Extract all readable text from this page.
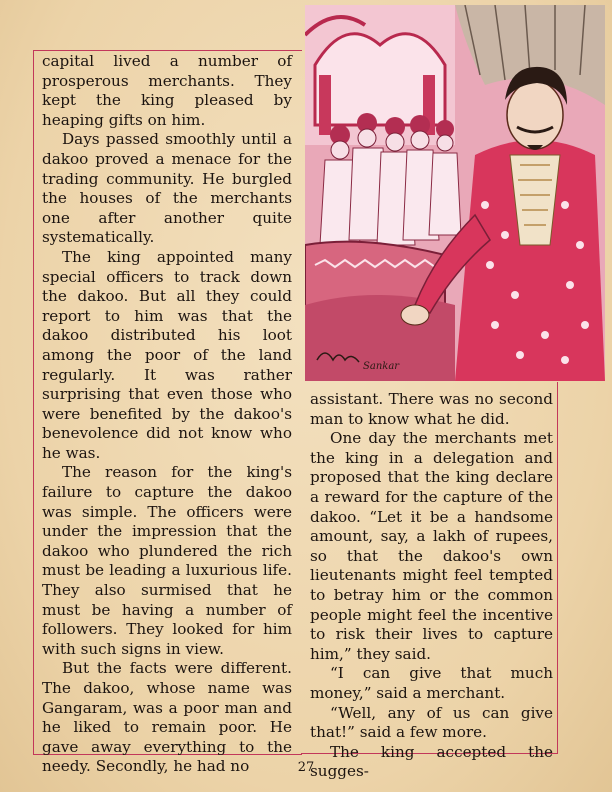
capital lived a number of prosperous merchants. They kept the king pleased by heaping gifts on him.

Days passed smoothly until a dakoo proved a menace for the trading community. He burgled the houses of the merchants one after another quite systematically.

The king appointed many special officers to track down the dakoo. But all they could report to him was that the dakoo distributed his loot among the poor of the land regularly. It was rather surprising that even those who were benefited by the dakoo's benevolence did not know who he was.

The reason for the king's failure to capture the dakoo was simple. The officers were under the impression that the dakoo who plundered the rich must be leading a luxurious life. They also surmised that he must be having a number of followers. They looked for him with such signs in view.

But the facts were different. The dakoo, whose name was Gangaram, was a poor man and he liked to remain poor. He gave away everything to the needy. Secondly, he had no

Sankar

assistant. There was no second man to know what he did.

One day the merchants met the king in a delegation and proposed that the king declare a reward for the capture of the dakoo. “Let it be a handsome amount, say, a lakh of rupees, so that the dakoo's own lieutenants might feel tempted to betray him or the common people might feel the incentive to risk their lives to capture him,” they said.

“I can give that much money,” said a merchant.

“Well, any of us can give that!” said a few more.

The king accepted the sugges-

27
